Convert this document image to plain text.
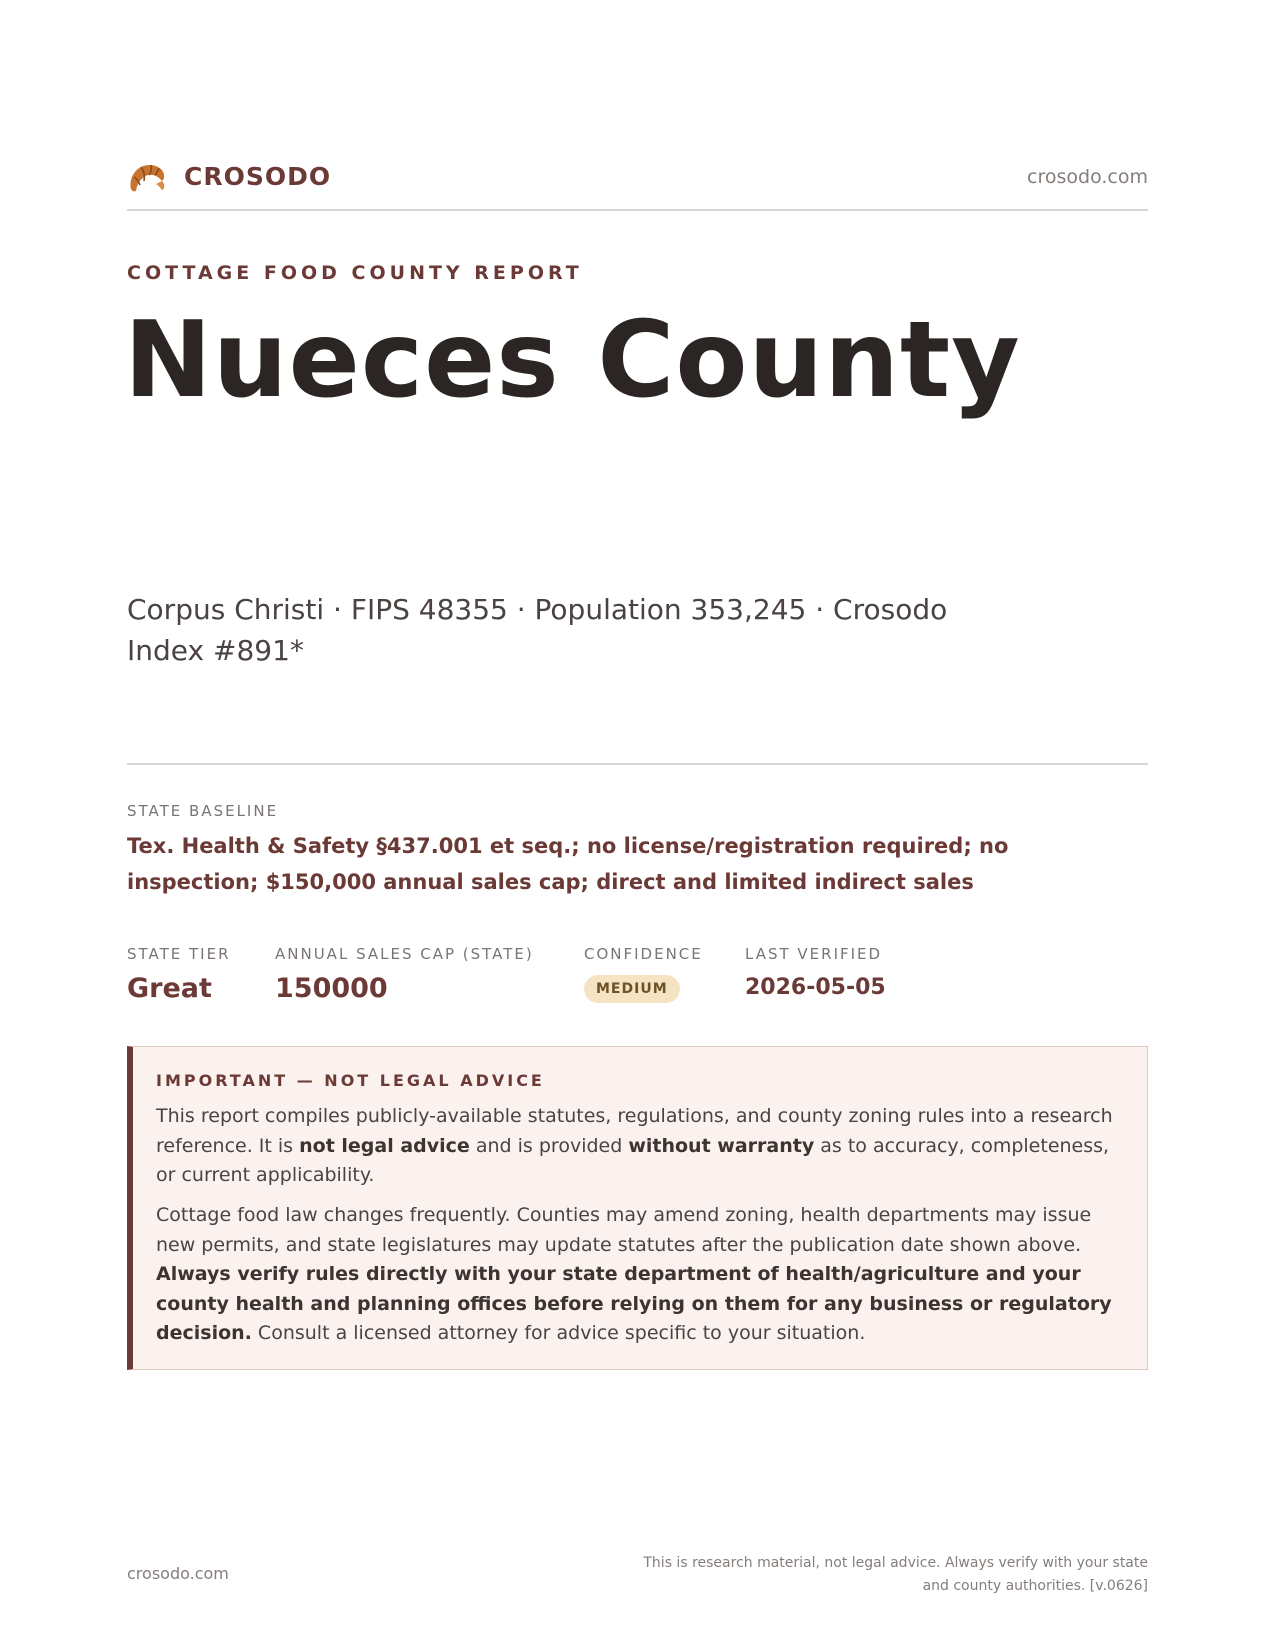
CROSODO	crosodo.com
COTTAGE FOOD COUNTY REPORT
Nueces County
Corpus Christi · FIPS 48355 · Population 353,245 · Crosodo Index #891*
STATE BASELINE
Tex. Health & Safety §437.001 et seq.; no license/registration required; no inspection; $150,000 annual sales cap; direct and limited indirect sales
STATE TIER
Great
ANNUAL SALES CAP (STATE)
150000
CONFIDENCE
MEDIUM
LAST VERIFIED
2026-05-05
IMPORTANT — NOT LEGAL ADVICE

This report compiles publicly-available statutes, regulations, and county zoning rules into a research reference. It is not legal advice and is provided without warranty as to accuracy, completeness, or current applicability.

Cottage food law changes frequently. Counties may amend zoning, health departments may issue new permits, and state legislatures may update statutes after the publication date shown above. Always verify rules directly with your state department of health/agriculture and your county health and planning offices before relying on them for any business or regulatory decision. Consult a licensed attorney for advice specific to your situation.

crosodo.com
This is research material, not legal advice. Always verify with your state
and county authorities. [v.0626]
